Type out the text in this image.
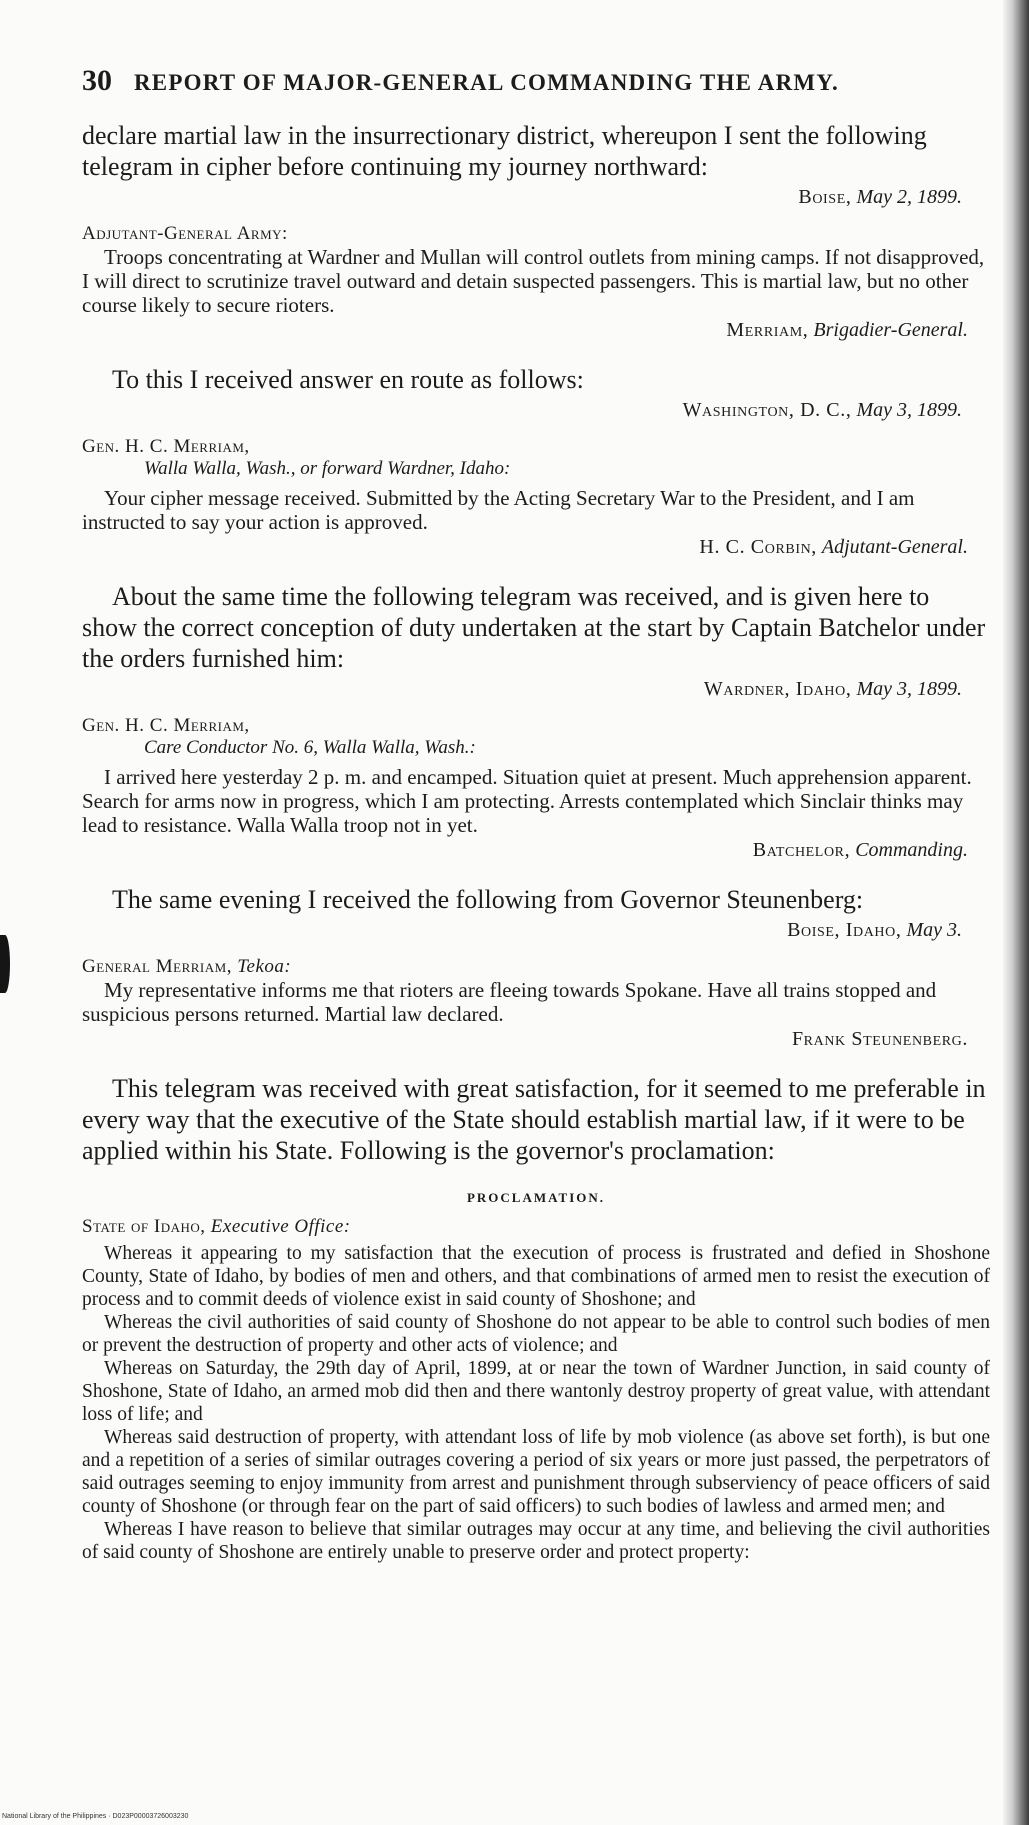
30 REPORT OF MAJOR-GENERAL COMMANDING THE ARMY.

declare martial law in the insurrectionary district, whereupon I sent the following telegram in cipher before continuing my journey northward:

Boise, May 2, 1899.
Adjutant-General Army:

Troops concentrating at Wardner and Mullan will control outlets from mining camps. If not disapproved, I will direct to scrutinize travel outward and detain suspected passengers. This is martial law, but no other course likely to secure rioters.

Merriam, Brigadier-General.

To this I received answer en route as follows:

Washington, D. C., May 3, 1899.
Gen. H. C. Merriam,
Walla Walla, Wash., or forward Wardner, Idaho:

Your cipher message received. Submitted by the Acting Secretary War to the President, and I am instructed to say your action is approved.

H. C. Corbin, Adjutant-General.

About the same time the following telegram was received, and is given here to show the correct conception of duty undertaken at the start by Captain Batchelor under the orders furnished him:

Wardner, Idaho, May 3, 1899.
Gen. H. C. Merriam,
Care Conductor No. 6, Walla Walla, Wash.:

I arrived here yesterday 2 p. m. and encamped. Situation quiet at present. Much apprehension apparent. Search for arms now in progress, which I am protecting. Arrests contemplated which Sinclair thinks may lead to resistance. Walla Walla troop not in yet.

Batchelor, Commanding.

The same evening I received the following from Governor Steunenberg:

Boise, Idaho, May 3.
General Merriam, Tekoa:

My representative informs me that rioters are fleeing towards Spokane. Have all trains stopped and suspicious persons returned. Martial law declared.

Frank Steunenberg.

This telegram was received with great satisfaction, for it seemed to me preferable in every way that the executive of the State should establish martial law, if it were to be applied within his State. Following is the governor's proclamation:

PROCLAMATION.
State of Idaho, Executive Office:

Whereas it appearing to my satisfaction that the execution of process is frustrated and defied in Shoshone County, State of Idaho, by bodies of men and others, and that combinations of armed men to resist the execution of process and to commit deeds of violence exist in said county of Shoshone; and

Whereas the civil authorities of said county of Shoshone do not appear to be able to control such bodies of men or prevent the destruction of property and other acts of violence; and

Whereas on Saturday, the 29th day of April, 1899, at or near the town of Wardner Junction, in said county of Shoshone, State of Idaho, an armed mob did then and there wantonly destroy property of great value, with attendant loss of life; and

Whereas said destruction of property, with attendant loss of life by mob violence (as above set forth), is but one and a repetition of a series of similar outrages covering a period of six years or more just passed, the perpetrators of said outrages seeming to enjoy immunity from arrest and punishment through subserviency of peace officers of said county of Shoshone (or through fear on the part of said officers) to such bodies of lawless and armed men; and

Whereas I have reason to believe that similar outrages may occur at any time, and believing the civil authorities of said county of Shoshone are entirely unable to preserve order and protect property:

National Library of the Philippines · D023P00003726003230
